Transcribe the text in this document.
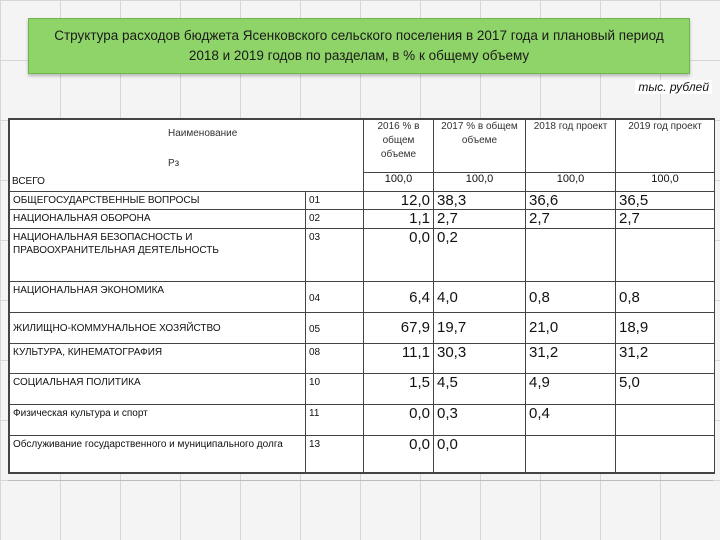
Структура расходов бюджета Ясенковского сельского поселения в 2017 года и плановый период 2018 и 2019 годов по разделам, в % к общему объему
тыс. рублей
Наименование
Рз
ВСЕГО		2016 % в общем объеме	2017 % в общем объеме	2018 год проект	2019 год проект
		100,0	100,0	100,0	100,0
ОБЩЕГОСУДАРСТВЕННЫЕ ВОПРОСЫ	01	12,0	38,3	36,6	36,5
НАЦИОНАЛЬНАЯ ОБОРОНА	02	1,1	2,7	2,7	2,7
НАЦИОНАЛЬНАЯ БЕЗОПАСНОСТЬ И ПРАВООХРАНИТЕЛЬНАЯ ДЕЯТЕЛЬНОСТЬ	03	0,0	0,2		
НАЦИОНАЛЬНАЯ ЭКОНОМИКА	04	6,4	4,0	0,8	0,8
ЖИЛИЩНО-КОММУНАЛЬНОЕ ХОЗЯЙСТВО	05	67,9	19,7	21,0	18,9
КУЛЬТУРА, КИНЕМАТОГРАФИЯ	08	11,1	30,3	31,2	31,2
СОЦИАЛЬНАЯ ПОЛИТИКА	10	1,5	4,5	4,9	5,0
Физическая культура и спорт	11	0,0	0,3	0,4	
Обслуживание государственного и муниципального долга	13	0,0	0,0		
